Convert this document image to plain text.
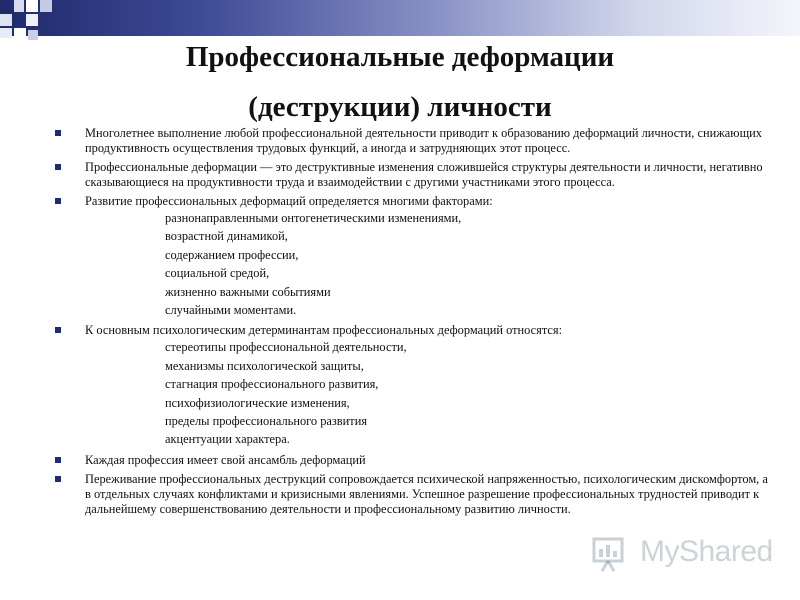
Профессиональные деформации
(деструкции) личности
Многолетнее выполнение любой профессиональной деятельности приводит к образованию деформаций личности, снижающих продуктивность осуществления трудовых функций, а иногда и затрудняющих этот процесс.
Профессиональные деформации — это деструктивные изменения сложившейся структуры деятельности и личности, негативно сказывающиеся на продуктивности труда и взаимодействии с другими участниками этого процесса.
Развитие профессиональных деформаций определяется многими факторами:
разнонаправленными онтогенетическими изменениями,
возрастной динамикой,
содержанием профессии,
социальной средой,
жизненно важными событиями
случайными моментами.
К основным психологическим детерминантам профессиональных деформаций относятся:
стереотипы профессиональной деятельности,
механизмы психологической защиты,
стагнация профессионального развития,
психофизиологические изменения,
пределы профессионального развития
акцентуации характера.
Каждая профессия имеет свой ансамбль деформаций
Переживание профессиональных деструкций сопровождается психической напряженностью, психологическим дискомфортом, а в отдельных случаях конфликтами и кризисными явлениями. Успешное разрешение профессиональных трудностей приводит к дальнейшему совершенствованию деятельности и профессиональному развитию личности.
MyShared
